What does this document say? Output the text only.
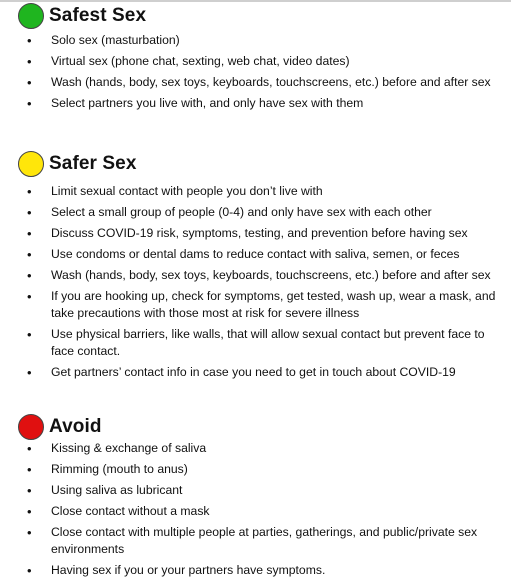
Safest Sex
• Solo sex (masturbation)
• Virtual sex (phone chat, sexting, web chat, video dates)
• Wash (hands, body, sex toys, keyboards, touchscreens, etc.) before and after sex
• Select partners you live with, and only have sex with them
Safer Sex
• Limit sexual contact with people you don’t live with
• Select a small group of people (0-4) and only have sex with each other
• Discuss COVID-19 risk, symptoms, testing, and prevention before having sex
• Use condoms or dental dams to reduce contact with saliva, semen, or feces
• Wash (hands, body, sex toys, keyboards, touchscreens, etc.) before and after sex
• If you are hooking up, check for symptoms, get tested, wash up, wear a mask, and take precautions with those most at risk for severe illness
• Use physical barriers, like walls, that will allow sexual contact but prevent face to face contact.
• Get partners’ contact info in case you need to get in touch about COVID-19
Avoid
• Kissing & exchange of saliva
• Rimming (mouth to anus)
• Using saliva as lubricant
• Close contact without a mask
• Close contact with multiple people at parties, gatherings, and public/private sex environments
• Having sex if you or your partners have symptoms.
